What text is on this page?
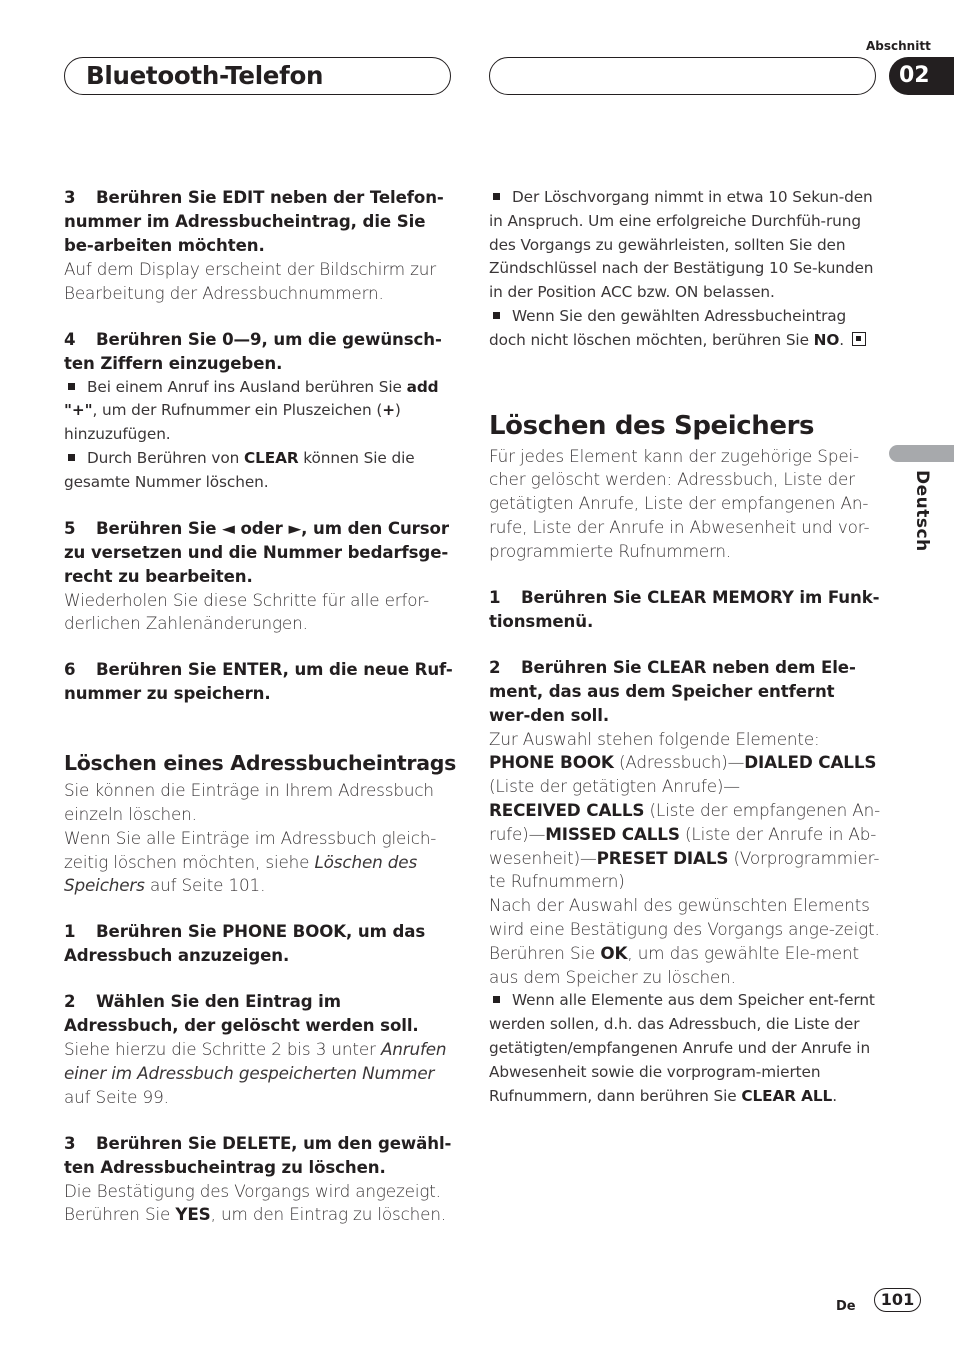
Bluetooth-Telefon
Abschnitt
02
Deutsch
3 Berühren Sie EDIT neben der Telefon-nummer im Adressbucheintrag, die Sie be-arbeiten möchten.
Auf dem Display erscheint der Bildschirm zur Bearbeitung der Adressbuchnummern.
4 Berühren Sie 0—9, um die gewünsch-ten Ziffern einzugeben.
Bei einem Anruf ins Ausland berühren Sie add "+", um der Rufnummer ein Pluszeichen (+) hinzuzufügen.
Durch Berühren von CLEAR können Sie die gesamte Nummer löschen.
5 Berühren Sie ◄ oder ►, um den Cursor zu versetzen und die Nummer bedarfsge-recht zu bearbeiten.
Wiederholen Sie diese Schritte für alle erfor-derlichen Zahlenänderungen.
6 Berühren Sie ENTER, um die neue Ruf-nummer zu speichern.
Löschen eines Adressbucheintrags
Sie können die Einträge in Ihrem Adressbuch einzeln löschen.
Wenn Sie alle Einträge im Adressbuch gleich-zeitig löschen möchten, siehe Löschen des Speichers auf Seite 101.
1 Berühren Sie PHONE BOOK, um das Adressbuch anzuzeigen.
2 Wählen Sie den Eintrag im Adressbuch, der gelöscht werden soll.
Siehe hierzu die Schritte 2 bis 3 unter Anrufen einer im Adressbuch gespeicherten Nummer auf Seite 99.
3 Berühren Sie DELETE, um den gewähl-ten Adressbucheintrag zu löschen.
Die Bestätigung des Vorgangs wird angezeigt. Berühren Sie YES, um den Eintrag zu löschen.
Der Löschvorgang nimmt in etwa 10 Sekun-den in Anspruch. Um eine erfolgreiche Durchfüh-rung des Vorgangs zu gewährleisten, sollten Sie den Zündschlüssel nach der Bestätigung 10 Se-kunden in der Position ACC bzw. ON belassen.
Wenn Sie den gewählten Adressbucheintrag doch nicht löschen möchten, berühren Sie NO.
Löschen des Speichers
Für jedes Element kann der zugehörige Spei-cher gelöscht werden: Adressbuch, Liste der getätigten Anrufe, Liste der empfangenen An-rufe, Liste der Anrufe in Abwesenheit und vor-programmierte Rufnummern.
1 Berühren Sie CLEAR MEMORY im Funk-tionsmenü.
2 Berühren Sie CLEAR neben dem Ele-ment, das aus dem Speicher entfernt wer-den soll.
Zur Auswahl stehen folgende Elemente:
PHONE BOOK (Adressbuch)—DIALED CALLS (Liste der getätigten Anrufe)—
RECEIVED CALLS (Liste der empfangenen An-rufe)—MISSED CALLS (Liste der Anrufe in Ab-wesenheit)—PRESET DIALS (Vorprogrammier-te Rufnummern)
Nach der Auswahl des gewünschten Elements wird eine Bestätigung des Vorgangs ange-zeigt. Berühren Sie OK, um das gewählte Ele-ment aus dem Speicher zu löschen.
Wenn alle Elemente aus dem Speicher ent-fernt werden sollen, d.h. das Adressbuch, die Liste der getätigten/empfangenen Anrufe und der Anrufe in Abwesenheit sowie die vorprogram-mierten Rufnummern, dann berühren Sie CLEAR ALL.
De	101
